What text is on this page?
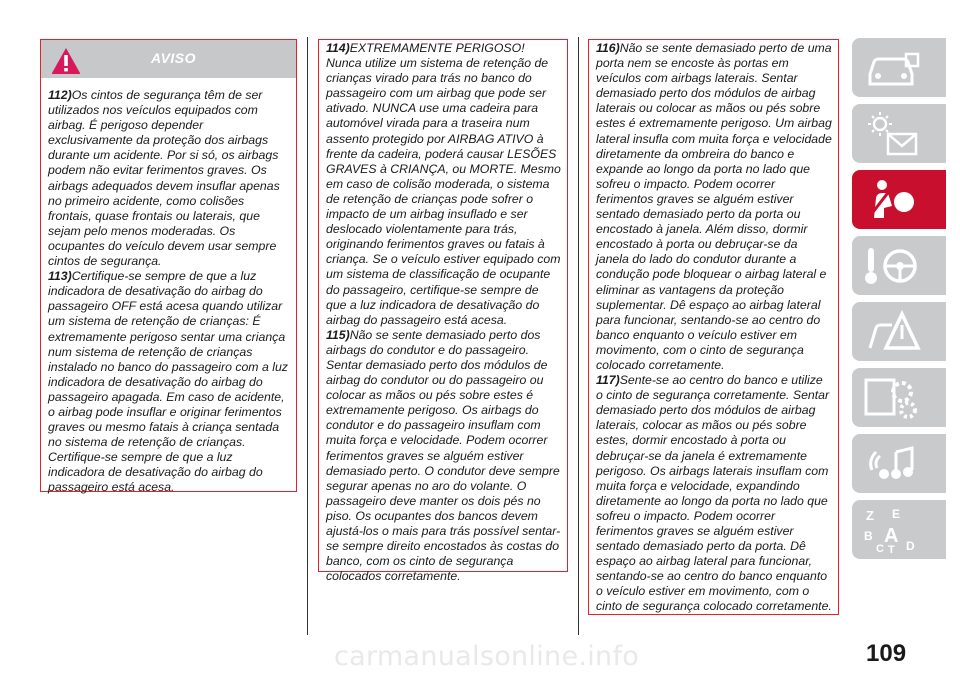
AVISO

112)Os cintos de segurança têm de ser utilizados nos veículos equipados com airbag. É perigoso depender exclusivamente da proteção dos airbags durante um acidente. Por si só, os airbags podem não evitar ferimentos graves. Os airbags adequados devem insuflar apenas no primeiro acidente, como colisões frontais, quase frontais ou laterais, que sejam pelo menos moderadas. Os ocupantes do veículo devem usar sempre cintos de segurança.

113)Certifique-se sempre de que a luz indicadora de desativação do airbag do passageiro OFF está acesa quando utilizar um sistema de retenção de crianças: É extremamente perigoso sentar uma criança num sistema de retenção de crianças instalado no banco do passageiro com a luz indicadora de desativação do airbag do passageiro apagada. Em caso de acidente, o airbag pode insuflar e originar ferimentos graves ou mesmo fatais à criança sentada no sistema de retenção de crianças. Certifique-se sempre de que a luz indicadora de desativação do airbag do passageiro está acesa.

114)EXTREMAMENTE PERIGOSO! Nunca utilize um sistema de retenção de crianças virado para trás no banco do passageiro com um airbag que pode ser ativado. NUNCA use uma cadeira para automóvel virada para a traseira num assento protegido por AIRBAG ATIVO à frente da cadeira, poderá causar LESÕES GRAVES à CRIANÇA, ou MORTE. Mesmo em caso de colisão moderada, o sistema de retenção de crianças pode sofrer o impacto de um airbag insuflado e ser deslocado violentamente para trás, originando ferimentos graves ou fatais à criança. Se o veículo estiver equipado com um sistema de classificação de ocupante do passageiro, certifique-se sempre de que a luz indicadora de desativação do airbag do passageiro está acesa.

115)Não se sente demasiado perto dos airbags do condutor e do passageiro. Sentar demasiado perto dos módulos de airbag do condutor ou do passageiro ou colocar as mãos ou pés sobre estes é extremamente perigoso. Os airbags do condutor e do passageiro insuflam com muita força e velocidade. Podem ocorrer ferimentos graves se alguém estiver demasiado perto. O condutor deve sempre segurar apenas no aro do volante. O passageiro deve manter os dois pés no piso. Os ocupantes dos bancos devem ajustá-los o mais para trás possível sentar-se sempre direito encostados às costas do banco, com os cinto de segurança colocados corretamente.

116)Não se sente demasiado perto de uma porta nem se encoste às portas em veículos com airbags laterais. Sentar demasiado perto dos módulos de airbag laterais ou colocar as mãos ou pés sobre estes é extremamente perigoso. Um airbag lateral insufla com muita força e velocidade diretamente da ombreira do banco e expande ao longo da porta no lado que sofreu o impacto. Podem ocorrer ferimentos graves se alguém estiver sentado demasiado perto da porta ou encostado à janela. Além disso, dormir encostado à porta ou debruçar-se da janela do lado do condutor durante a condução pode bloquear o airbag lateral e eliminar as vantagens da proteção suplementar. Dê espaço ao airbag lateral para funcionar, sentando-se ao centro do banco enquanto o veículo estiver em movimento, com o cinto de segurança colocado corretamente.

117)Sente-se ao centro do banco e utilize o cinto de segurança corretamente. Sentar demasiado perto dos módulos de airbag laterais, colocar as mãos ou pés sobre estes, dormir encostado à porta ou debruçar-se da janela é extremamente perigoso. Os airbags laterais insuflam com muita força e velocidade, expandindo diretamente ao longo da porta no lado que sofreu o impacto. Podem ocorrer ferimentos graves se alguém estiver sentado demasiado perto da porta. Dê espaço ao airbag lateral para funcionar, sentando-se ao centro do banco enquanto o veículo estiver em movimento, com o cinto de segurança colocado corretamente.

Z E
B A
C T D
109
carmanualsonline.info
